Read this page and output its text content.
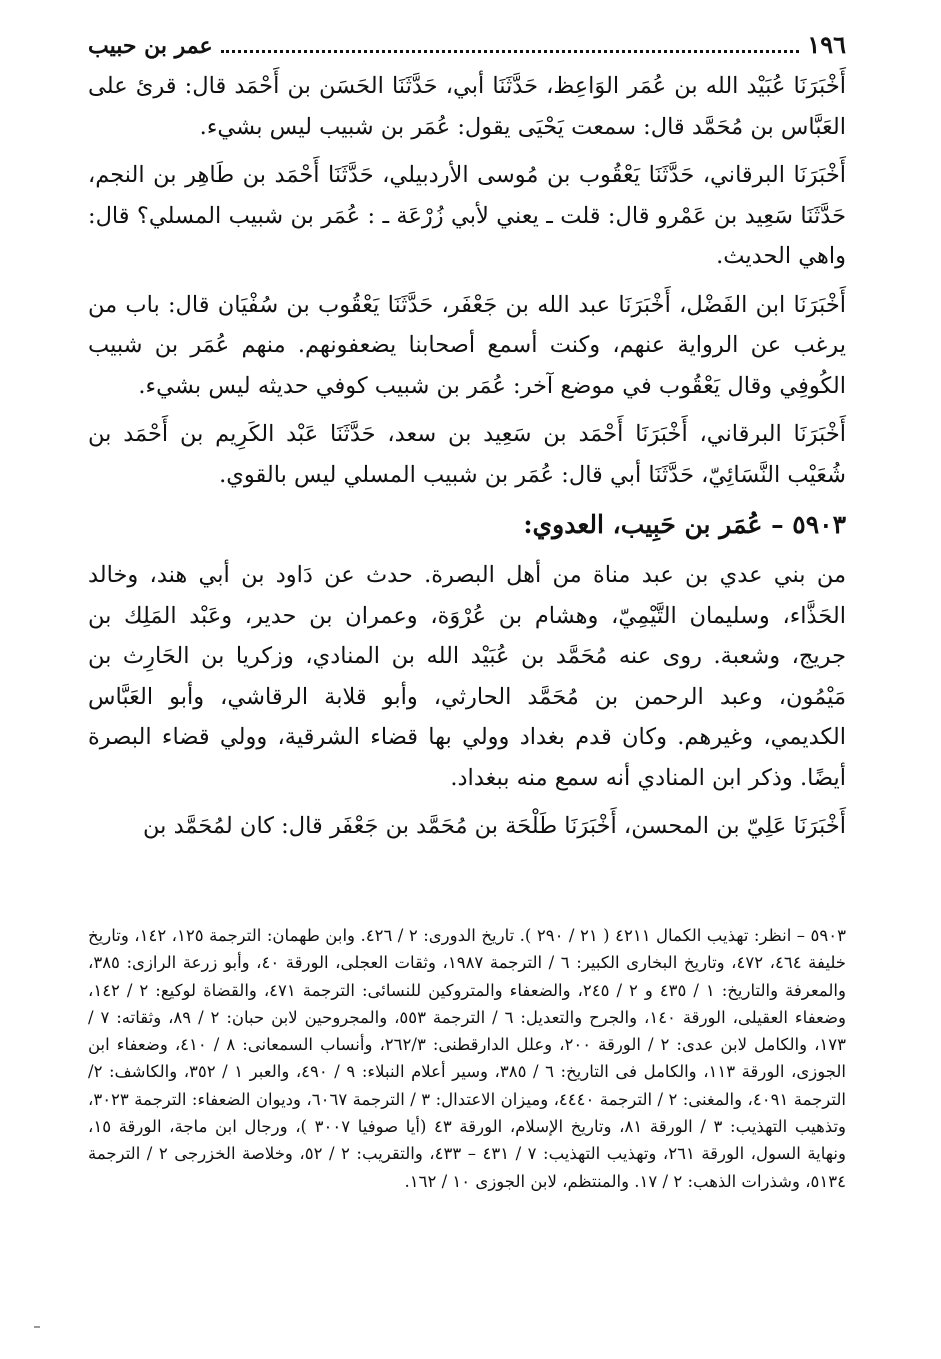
١٩٦
عمر بن حبيب

أَخْبَرَنَا عُبَيْد الله بن عُمَر الوَاعِظ، حَدَّثَنَا أبي، حَدَّثَنَا الحَسَن بن أَحْمَد قال: قرئ على العَبَّاس بن مُحَمَّد قال: سمعت يَحْيَى يقول: عُمَر بن شبيب ليس بشيء.

أَخْبَرَنَا البرقاني، حَدَّثَنَا يَعْقُوب بن مُوسى الأردبيلي، حَدَّثَنَا أَحْمَد بن طَاهِر بن النجم، حَدَّثَنَا سَعِيد بن عَمْرو قال: قلت ـ يعني لأبي زُرْعَة ـ : عُمَر بن شبيب المسلي؟ قال: واهي الحديث.

أَخْبَرَنَا ابن الفَضْل، أَخْبَرَنَا عبد الله بن جَعْفَر، حَدَّثَنَا يَعْقُوب بن سُفْيَان قال: باب من يرغب عن الرواية عنهم، وكنت أسمع أصحابنا يضعفونهم. منهم عُمَر بن شبيب الكُوفِي وقال يَعْقُوب في موضع آخر: عُمَر بن شبيب كوفي حديثه ليس بشيء.

أَخْبَرَنَا البرقاني، أَخْبَرَنَا أَحْمَد بن سَعِيد بن سعد، حَدَّثَنَا عَبْد الكَرِيم بن أَحْمَد بن شُعَيْب النَّسَائِيّ، حَدَّثَنَا أبي قال: عُمَر بن شبيب المسلي ليس بالقوي.

٥٩٠٣ – عُمَر بن حَبِيب، العدوي:

من بني عدي بن عبد مناة من أهل البصرة. حدث عن دَاود بن أبي هند، وخالد الحَذَّاء، وسليمان التَّيْمِيّ، وهشام بن عُرْوَة، وعمران بن حدير، وعَبْد المَلِك بن جريج، وشعبة. روى عنه مُحَمَّد بن عُبَيْد الله بن المنادي، وزكريا بن الحَارِث بن مَيْمُون، وعبد الرحمن بن مُحَمَّد الحارثي، وأبو قلابة الرقاشي، وأبو العَبَّاس الكديمي، وغيرهم. وكان قدم بغداد وولي بها قضاء الشرقية، وولي قضاء البصرة أيضًا. وذكر ابن المنادي أنه سمع منه ببغداد.

أَخْبَرَنَا عَلِيّ بن المحسن، أَخْبَرَنَا طَلْحَة بن مُحَمَّد بن جَعْفَر قال: كان لمُحَمَّد بن

٥٩٠٣ – انظر: تهذيب الكمال ٤٢١١ ( ٢١ / ٢٩٠ ). تاريخ الدورى: ٢ / ٤٢٦. وابن طهمان: الترجمة ١٢٥، ١٤٢، وتاريخ خليفة ٤٦٤، ٤٧٢، وتاريخ البخارى الكبير: ٦ / الترجمة ١٩٨٧، وثقات العجلى، الورقة ٤٠، وأبو زرعة الرازى: ٣٨٥، والمعرفة والتاريخ: ١ / ٤٣٥ و ٢ / ٢٤٥، والضعفاء والمتروكين للنسائى: الترجمة ٤٧١، والقضاة لوكيع: ٢ / ١٤٢، وضعفاء العقيلى، الورقة ١٤٠، والجرح والتعديل: ٦ / الترجمة ٥٥٣، والمجروحين لابن حبان: ٢ / ٨٩، وثقاته: ٧ / ١٧٣، والكامل لابن عدى: ٢ / الورقة ٢٠٠، وعلل الدارقطنى: ٢٦٢/٣، وأنساب السمعانى: ٨ / ٤١٠، وضعفاء ابن الجوزى، الورقة ١١٣، والكامل فى التاريخ: ٦ / ٣٨٥، وسير أعلام النبلاء: ٩ / ٤٩٠، والعبر ١ / ٣٥٢، والكاشف: ٢/الترجمة ٤٠٩١، والمغنى: ٢ / الترجمة ٤٤٤٠، وميزان الاعتدال: ٣ / الترجمة ٦٠٦٧، وديوان الضعفاء: الترجمة ٣٠٢٣، وتذهيب التهذيب: ٣ / الورقة ٨١، وتاريخ الإسلام، الورقة ٤٣ (أيا صوفيا ٣٠٠٧ )، ورجال ابن ماجة، الورقة ١٥، ونهاية السول، الورقة ٢٦١، وتهذيب التهذيب: ٧ / ٤٣١ – ٤٣٣، والتقريب: ٢ / ٥٢، وخلاصة الخزرجى ٢ / الترجمة ٥١٣٤، وشذرات الذهب: ٢ / ١٧. والمنتظم، لابن الجوزى ١٠ / ١٦٢.
